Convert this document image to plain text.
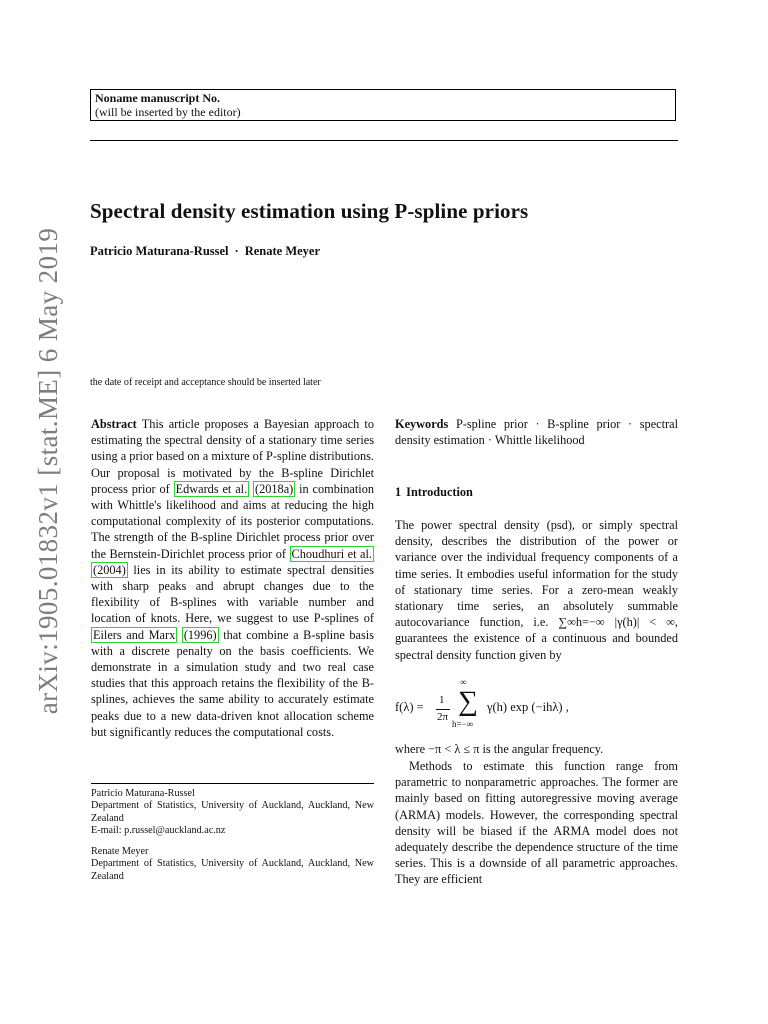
arXiv:1905.01832v1 [stat.ME] 6 May 2019
Noname manuscript No.
(will be inserted by the editor)
Spectral density estimation using P-spline priors
Patricio Maturana-Russel · Renate Meyer
the date of receipt and acceptance should be inserted later
Abstract This article proposes a Bayesian approach to estimating the spectral density of a stationary time series using a prior based on a mixture of P-spline distributions. Our proposal is motivated by the B-spline Dirichlet process prior of Edwards et al. (2018a) in combination with Whittle's likelihood and aims at reducing the high computational complexity of its posterior computations. The strength of the B-spline Dirichlet process prior over the Bernstein-Dirichlet process prior of Choudhuri et al. (2004) lies in its ability to estimate spectral densities with sharp peaks and abrupt changes due to the flexibility of B-splines with variable number and location of knots. Here, we suggest to use P-splines of Eilers and Marx (1996) that combine a B-spline basis with a discrete penalty on the basis coefficients. We demonstrate in a simulation study and two real case studies that this approach retains the flexibility of the B-splines, achieves the same ability to accurately estimate peaks due to a new data-driven knot allocation scheme but significantly reduces the computational costs.
Patricio Maturana-Russel
Department of Statistics, University of Auckland, Auckland, New Zealand
E-mail: p.russel@auckland.ac.nz
Renate Meyer
Department of Statistics, University of Auckland, Auckland, New Zealand
Keywords P-spline prior · B-spline prior · spectral density estimation · Whittle likelihood
1 Introduction
The power spectral density (psd), or simply spectral density, describes the distribution of the power or variance over the individual frequency components of a time series. It embodies useful information for the study of stationary time series. For a zero-mean weakly stationary time series, an absolutely summable autocovariance function, i.e. ∑∞h=−∞ |γ(h)| < ∞, guarantees the existence of a continuous and bounded spectral density function given by
f(λ) = 1
2π
∞
∑
h=−∞
γ(h) exp (−ihλ) ,
where −π < λ ≤ π is the angular frequency.
Methods to estimate this function range from parametric to nonparametric approaches. The former are mainly based on fitting autoregressive moving average (ARMA) models. However, the corresponding spectral density will be biased if the ARMA model does not adequately describe the dependence structure of the time series. This is a downside of all parametric approaches. They are efficient
